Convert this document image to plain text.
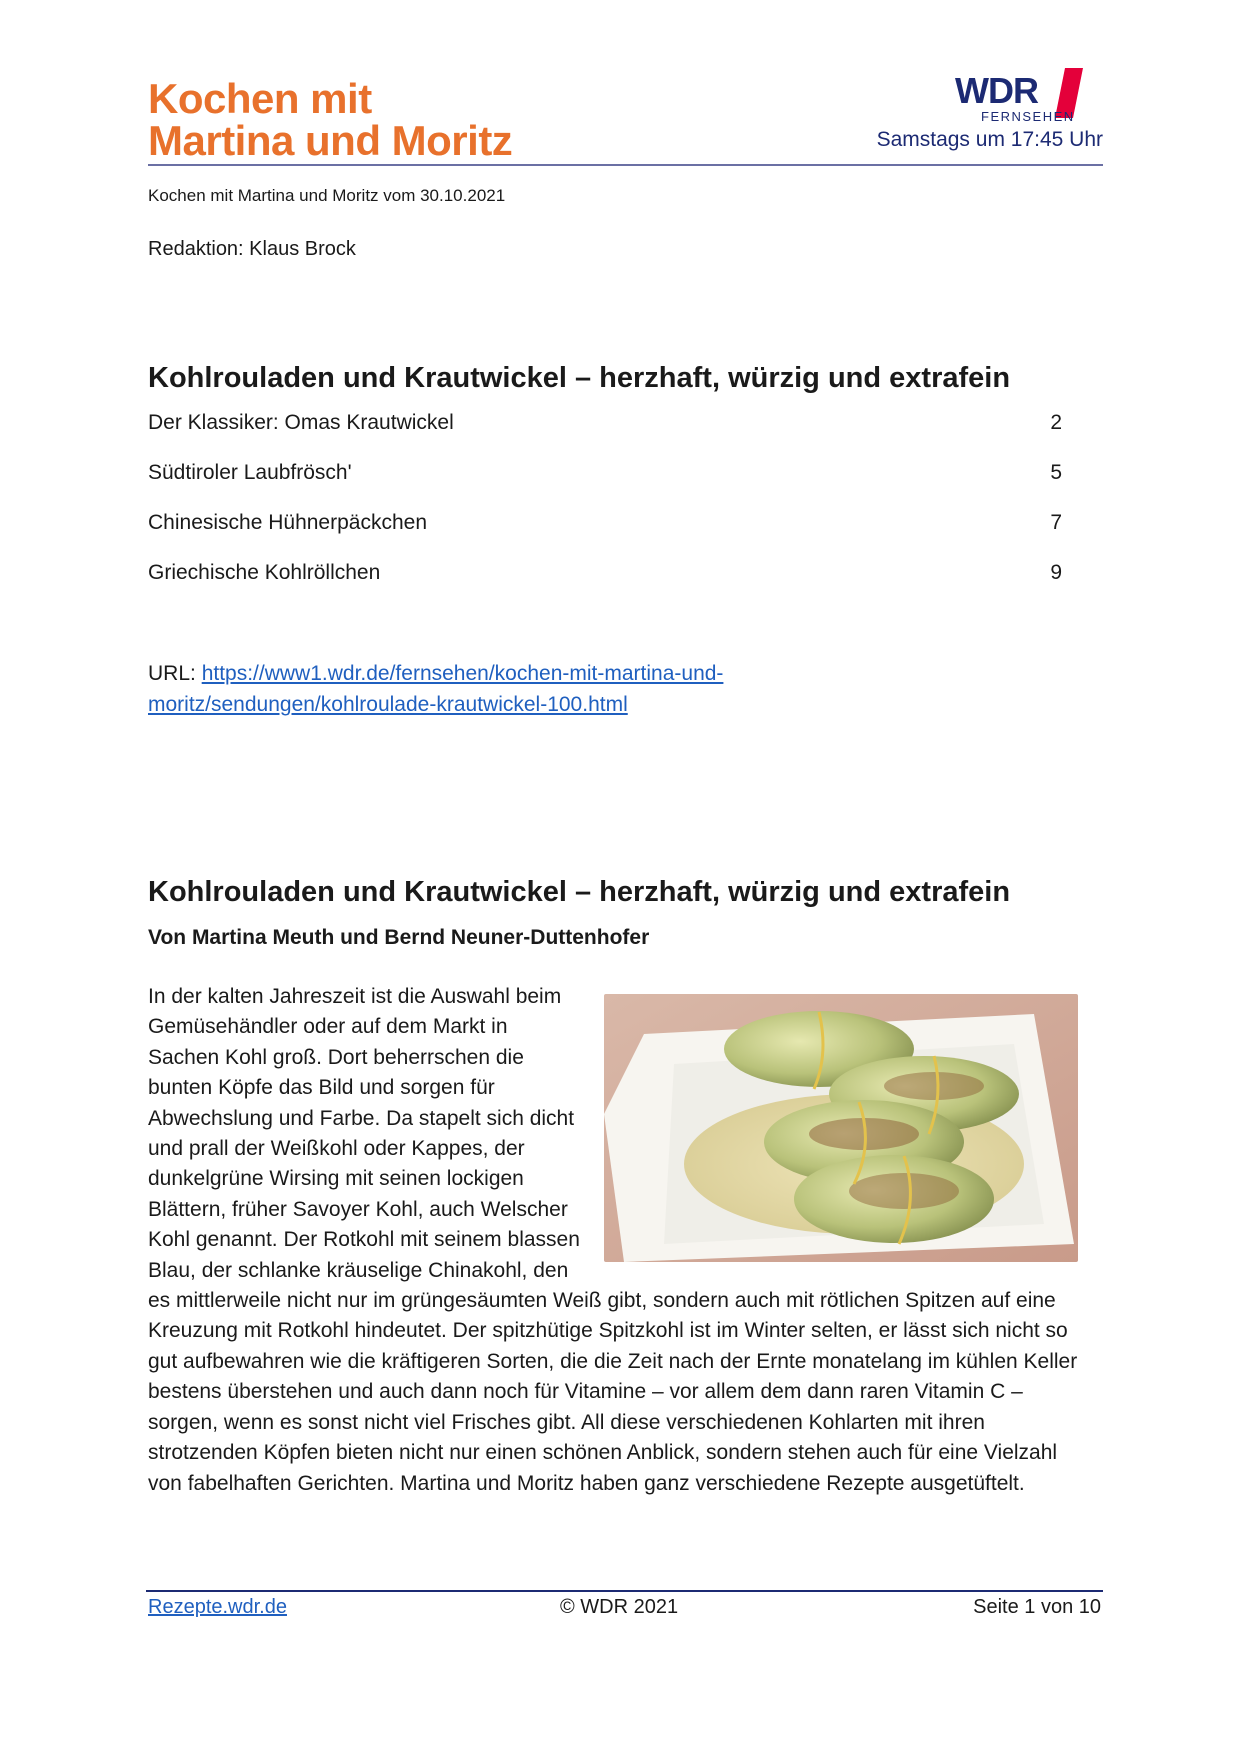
Kochen mit
Martina und Moritz
WDR
FERNSEHEN
Samstags um 17:45 Uhr
Kochen mit Martina und Moritz vom 30.10.2021
Redaktion: Klaus Brock
Kohlrouladen und Krautwickel – herzhaft, würzig und extrafein
Der Klassiker: Omas Krautwickel	2
Südtiroler Laubfrösch'	5
Chinesische Hühnerpäckchen	7
Griechische Kohlröllchen	9
URL: https://www1.wdr.de/fernsehen/kochen-mit-martina-und-moritz/sendungen/kohlroulade-krautwickel-100.html
Kohlrouladen und Krautwickel – herzhaft, würzig und extrafein
Von Martina Meuth und Bernd Neuner-Duttenhofer
In der kalten Jahreszeit ist die Auswahl beim Gemüsehändler oder auf dem Markt in Sachen Kohl groß. Dort beherrschen die bunten Köpfe das Bild und sorgen für Abwechslung und Farbe. Da stapelt sich dicht und prall der Weißkohl oder Kappes, der dunkelgrüne Wirsing mit seinen lockigen Blättern, früher Savoyer Kohl, auch Welscher Kohl genannt. Der Rotkohl mit seinem blassen Blau, der schlanke kräuselige Chinakohl, den es mittlerweile nicht nur im grüngesäumten Weiß gibt, sondern auch mit rötlichen Spitzen auf eine Kreuzung mit Rotkohl hindeutet. Der spitzhütige Spitzkohl ist im Winter selten, er lässt sich nicht so gut aufbewahren wie die kräftigeren Sorten, die die Zeit nach der Ernte monatelang im kühlen Keller bestens überstehen und auch dann noch für Vitamine – vor allem dem dann raren Vitamin C – sorgen, wenn es sonst nicht viel Frisches gibt. All diese verschiedenen Kohlarten mit ihren strotzenden Köpfen bieten nicht nur einen schönen Anblick, sondern stehen auch für eine Vielzahl von fabelhaften Gerichten. Martina und Moritz haben ganz verschiedene Rezepte ausgetüftelt.
Rezepte.wdr.de	© WDR 2021	Seite 1 von 10
